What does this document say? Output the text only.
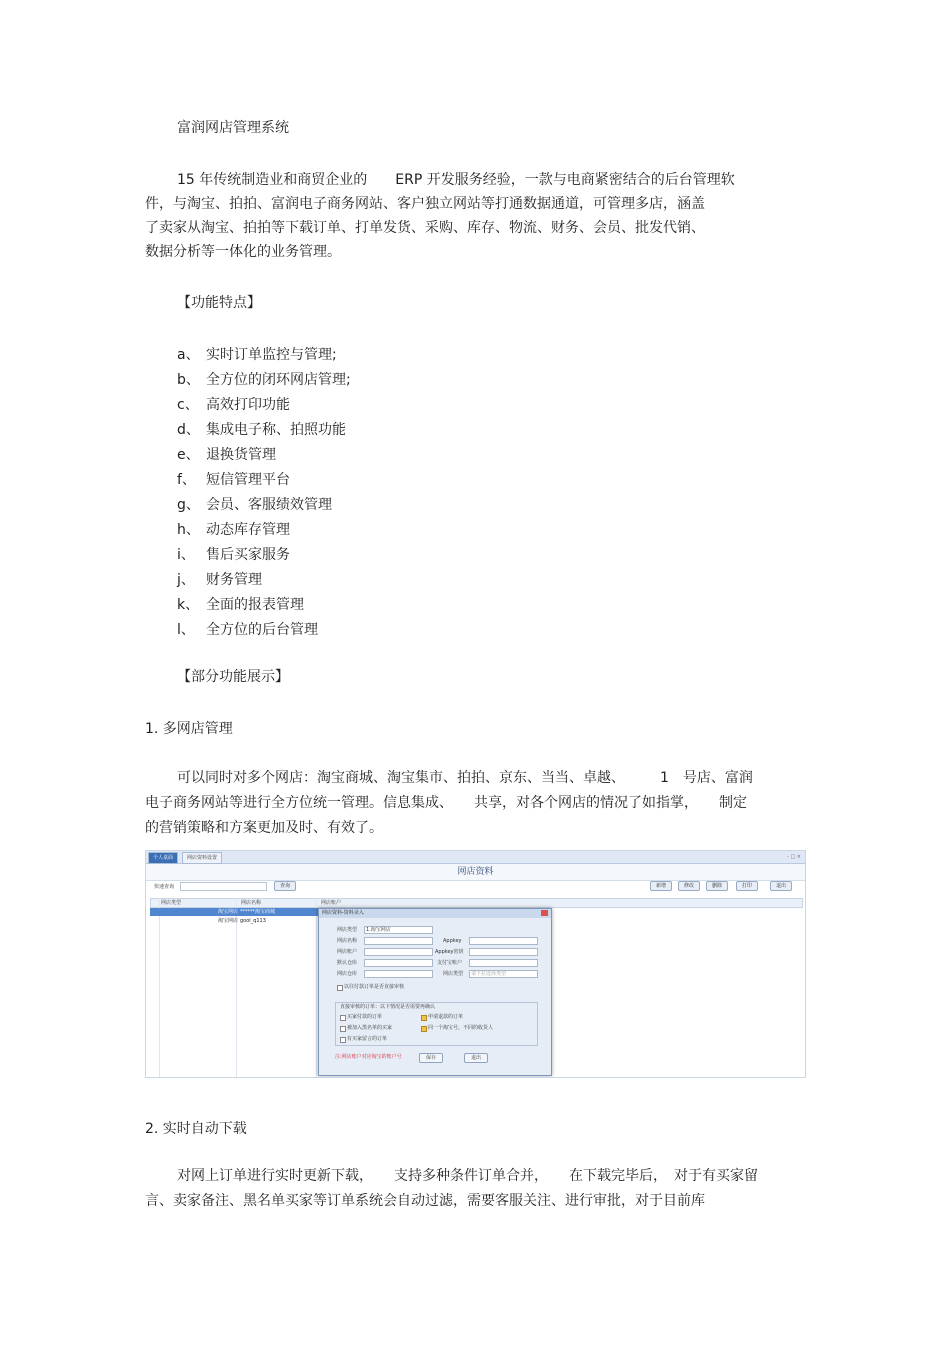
富润网店管理系统
15 年传统制造业和商贸企业的　　ERP 开发服务经验，一款与电商紧密结合的后台管理软
件，与淘宝、拍拍、富润电子商务网站、客户独立网站等打通数据通道，可管理多店，涵盖
了卖家从淘宝、拍拍等下载订单、打单发货、采购、库存、物流、财务、会员、批发代销、
数据分析等一体化的业务管理。
【功能特点】
a、 实时订单监控与管理;
b、 全方位的闭环网店管理;
c、 高效打印功能
d、 集成电子称、拍照功能
e、 退换货管理
f、 短信管理平台
g、 会员、客服绩效管理
h、 动态库存管理
i、 售后买家服务
j、 财务管理
k、 全面的报表管理
l、 全方位的后台管理
【部分功能展示】
1. 多网店管理
可以同时对多个网店：淘宝商城、淘宝集市、拍拍、京东、当当、卓越、　　　1　号店、富润
电子商务网站等进行全方位统一管理。信息集成、　　共享，对各个网店的情况了如指掌，　　制定
的营销策略和方案更加及时、有效了。
个人桌面	网店资料设置	- □ ×
网店资料
快速查询	查询	新增	修改	删除	打印	退出
网店类型	网店名称	网店账户
淘宝网店 ******淘宝商城
淘宝网店 gool_q113
网店资料-资料录入
网店类型	1.淘宝网店
网店名称
网店账户
默认仓库
网店仓库
Appkey
Appkey密钥
支付宝账户
网店类型	请下拉选择类型
以往付款订单是否直接审核
直接审核的订单：以下情况是否需要再确认
买家付款的订单	申请退款的订单
被加入黑名单的买家	同一个淘宝号，不同的收货人
有买家留言的订单
注:网店账户对应淘宝的账户号	保存	退出
2. 实时自动下载
对网上订单进行实时更新下载，　　支持多种条件订单合并，　　在下载完毕后，　对于有买家留
言、卖家备注、黑名单买家等订单系统会自动过滤，需要客服关注、进行审批，对于目前库
